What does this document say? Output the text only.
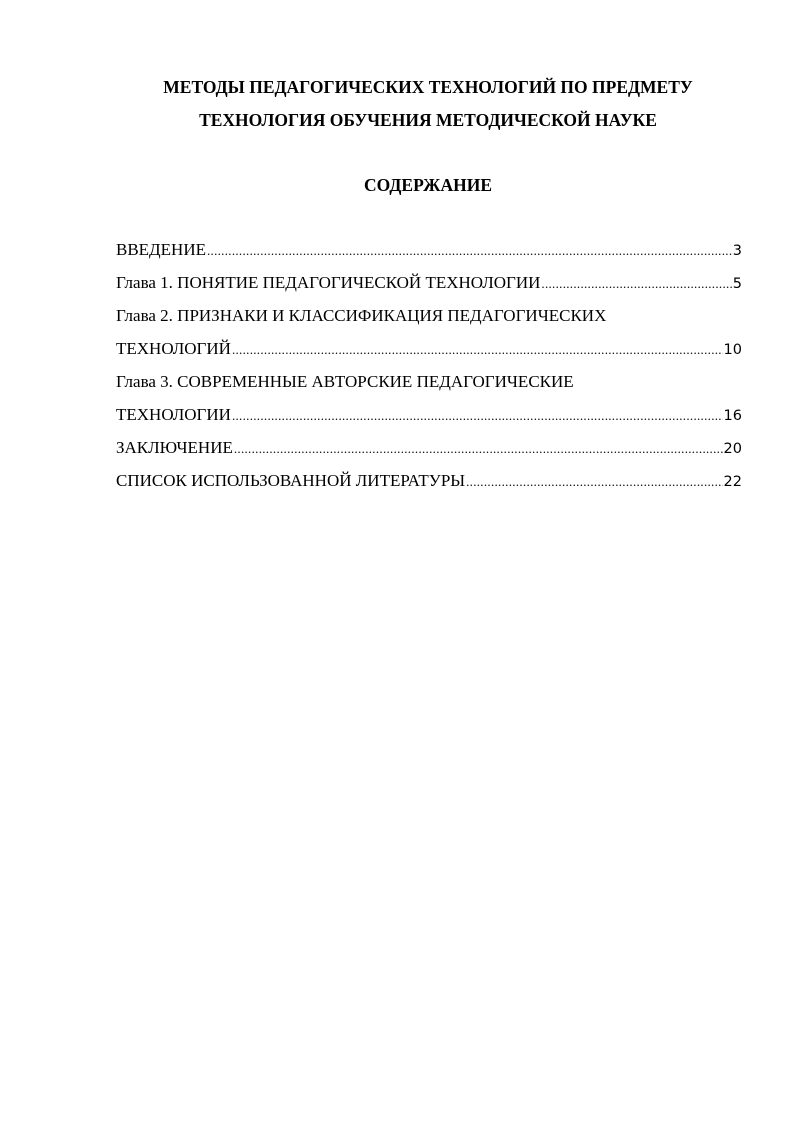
МЕТОДЫ ПЕДАГОГИЧЕСКИХ ТЕХНОЛОГИЙ ПО ПРЕДМЕТУ
ТЕХНОЛОГИЯ ОБУЧЕНИЯ МЕТОДИЧЕСКОЙ НАУКЕ
СОДЕРЖАНИЕ
ВВЕДЕНИЕ .....	3
Глава 1. ПОНЯТИЕ ПЕДАГОГИЧЕСКОЙ ТЕХНОЛОГИИ .....	5
Глава 2. ПРИЗНАКИ И КЛАССИФИКАЦИЯ ПЕДАГОГИЧЕСКИХ
ТЕХНОЛОГИЙ .....	10
Глава 3. СОВРЕМЕННЫЕ АВТОРСКИЕ ПЕДАГОГИЧЕСКИЕ
ТЕХНОЛОГИИ .....	16
ЗАКЛЮЧЕНИЕ .....	20
СПИСОК ИСПОЛЬЗОВАННОЙ ЛИТЕРАТУРЫ .....	22
